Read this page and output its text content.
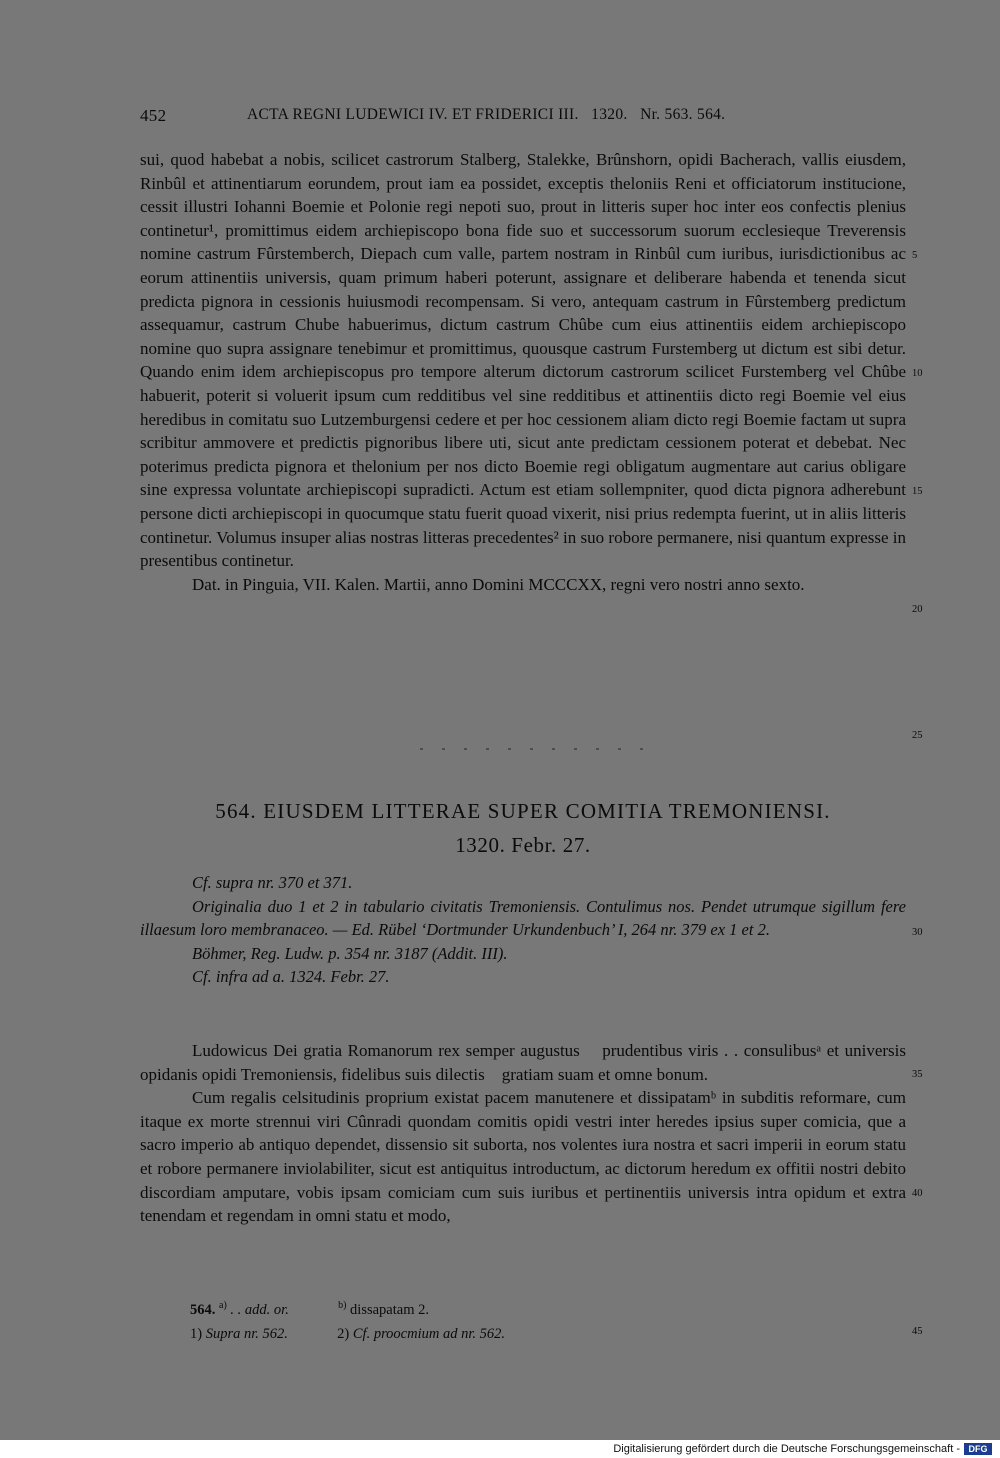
452	ACTA REGNI LUDEWICI IV. ET FRIDERICI III.   1320.   Nr. 563. 564.

sui, quod habebat a nobis, scilicet castrorum Stalberg, Stalekke, Brûnshorn, opidi Bacherach, vallis eiusdem, Rinbûl et attinentiarum eorundem, prout iam ea possidet, exceptis theloniis Reni et officiatorum institucione, cessit illustri Iohanni Boemie et Polonie regi nepoti suo, prout in litteris super hoc inter eos confectis plenius continetur¹, promittimus eidem archiepiscopo bona fide suo et successorum suorum ecclesieque Treverensis nomine castrum Fûrstemberch, Diepach cum valle, partem nostram in Rinbûl cum iuribus, iurisdictionibus ac eorum attinentiis universis, quam primum haberi poterunt, assignare et deliberare habenda et tenenda sicut predicta pignora in cessionis huiusmodi recompensam. Si vero, antequam castrum in Fûrstemberg predictum assequamur, castrum Chube habuerimus, dictum castrum Chûbe cum eius attinentiis eidem archiepiscopo nomine quo supra assignare tenebimur et promittimus, quousque castrum Furstemberg ut dictum est sibi detur. Quando enim idem archiepiscopus pro tempore alterum dictorum castrorum scilicet Furstemberg vel Chûbe habuerit, poterit si voluerit ipsum cum redditibus vel sine redditibus et attinentiis dicto regi Boemie vel eius heredibus in comitatu suo Lutzemburgensi cedere et per hoc cessionem aliam dicto regi Boemie factam ut supra scribitur ammovere et predictis pignoribus libere uti, sicut ante predictam cessionem poterat et debebat. Nec poterimus predicta pignora et thelonium per nos dicto Boemie regi obligatum augmentare aut carius obligare sine expressa voluntate archiepiscopi supradicti. Actum est etiam sollempniter, quod dicta pignora adherebunt persone dicti archiepiscopi in quocumque statu fuerit quoad vixerit, nisi prius redempta fuerint, ut in aliis litteris continetur. Volumus insuper alias nostras litteras precedentes² in suo robore permanere, nisi quantum expresse in presentibus continetur.

Dat. in Pinguia, VII. Kalen. Martii, anno Domini MCCCXX, regni vero nostri anno sexto.

564. EIUSDEM LITTERAE SUPER COMITIA TREMONIENSI.
1320. Febr. 27.

Cf. supra nr. 370 et 371.

Originalia duo 1 et 2 in tabulario civitatis Tremoniensis. Contulimus nos. Pendet utrumque sigillum fere illaesum loro membranaceo. — Ed. Rübel ‘Dortmunder Urkundenbuch’ I, 264 nr. 379 ex 1 et 2.

Böhmer, Reg. Ludw. p. 354 nr. 3187 (Addit. III).

Cf. infra ad a. 1324. Febr. 27.

Ludowicus Dei gratia Romanorum rex semper augustus    prudentibus viris . . consulibusᵃ et universis opidanis opidi Tremoniensis, fidelibus suis dilectis    gratiam suam et omne bonum.

Cum regalis celsitudinis proprium existat pacem manutenere et dissipatamᵇ in subditis reformare, cum itaque ex morte strennui viri Cûnradi quondam comitis opidi vestri inter heredes ipsius super comicia, que a sacro imperio ab antiquo dependet, dissensio sit suborta, nos volentes iura nostra et sacri imperii in eorum statu et robore permanere inviolabiliter, sicut est antiquitus introductum, ac dictorum heredum ex offitii nostri debito discordiam amputare, vobis ipsam comiciam cum suis iuribus et pertinentiis universis intra opidum et extra tenendam et regendam in omni statu et modo,

5
10
15
20
25
30
35
40
45
564. $^{a)}$ . . add. or.	$^{b)}$ dissapatam 2.
1) Supra nr. 562.	2) Cf. proocmium ad nr. 562.
Digitalisierung gefördert durch die Deutsche Forschungsgemeinschaft - DFG
